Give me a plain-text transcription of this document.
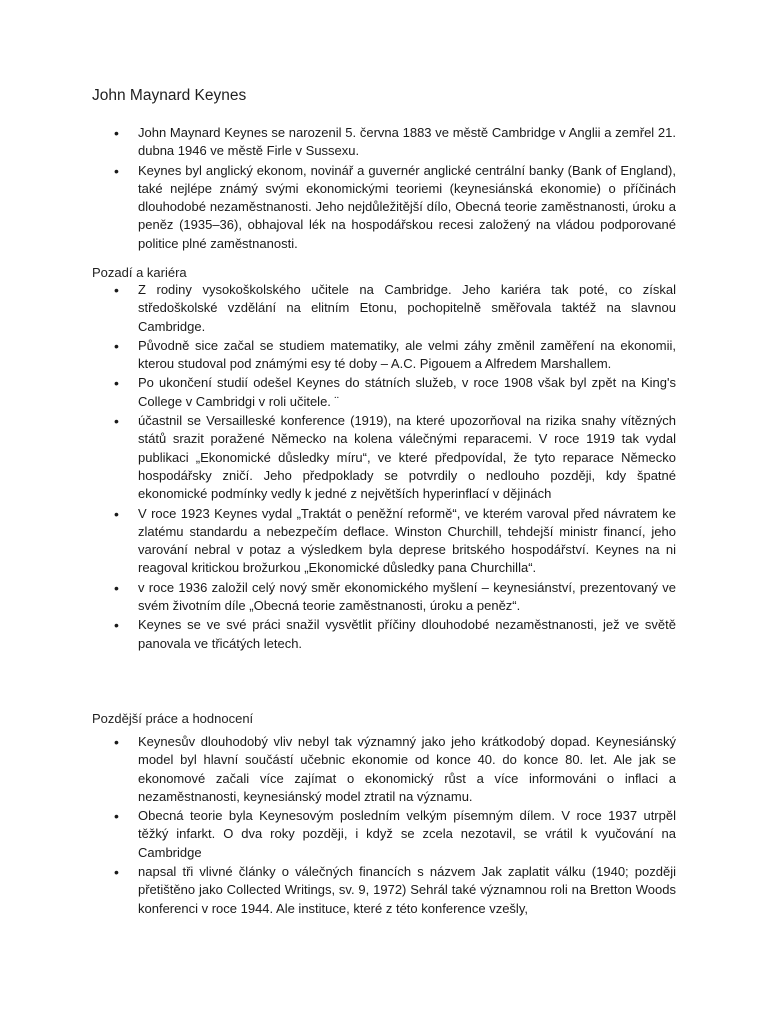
John Maynard Keynes
• John Maynard Keynes se narozenil 5. června 1883 ve městě Cambridge v Anglii a zemřel 21. dubna 1946 ve městě Firle v Sussexu.
• Keynes byl anglický ekonom, novinář a guvernér anglické centrální banky (Bank of England), také nejlépe známý svými ekonomickými teoriemi (keynesiánská ekonomie) o příčinách dlouhodobé nezaměstnanosti. Jeho nejdůležitější dílo, Obecná teorie zaměstnanosti, úroku a peněz (1935–36), obhajoval lék na hospodářskou recesi založený na vládou podporované politice plné zaměstnanosti.
Pozadí a kariéra
• Z rodiny vysokoškolského učitele na Cambridge. Jeho kariéra tak poté, co získal středoškolské vzdělání na elitním Etonu, pochopitelně směřovala taktéž na slavnou Cambridge.
• Původně sice začal se studiem matematiky, ale velmi záhy změnil zaměření na ekonomii, kterou studoval pod známými esy té doby – A.C. Pigouem a Alfredem Marshallem.
• Po ukončení studií odešel Keynes do státních služeb, v roce 1908 však byl zpět na King's College v Cambridgi v roli učitele. ¨
• účastnil se Versailleské konference (1919), na které upozorňoval na rizika snahy vítězných států srazit poražené Německo na kolena válečnými reparacemi. V roce 1919 tak vydal publikaci „Ekonomické důsledky míru“, ve které předpovídal, že tyto reparace Německo hospodářsky zničí. Jeho předpoklady se potvrdily o nedlouho později, kdy špatné ekonomické podmínky vedly k jedné z největších hyperinflací v dějinách
• V roce 1923 Keynes vydal „Traktát o peněžní reformě“, ve kterém varoval před návratem ke zlatému standardu a nebezpečím deflace. Winston Churchill, tehdejší ministr financí, jeho varování nebral v potaz a výsledkem byla deprese britského hospodářství. Keynes na ni reagoval kritickou brožurkou „Ekonomické důsledky pana Churchilla“.
• v roce 1936 založil celý nový směr ekonomického myšlení – keynesiánství, prezentovaný ve svém životním díle „Obecná teorie zaměstnanosti, úroku a peněz“.
• Keynes se ve své práci snažil vysvětlit příčiny dlouhodobé nezaměstnanosti, jež ve světě panovala ve třicátých letech.
Pozdější práce a hodnocení
• Keynesův dlouhodobý vliv nebyl tak významný jako jeho krátkodobý dopad. Keynesiánský model byl hlavní součástí učebnic ekonomie od konce 40. do konce 80. let. Ale jak se ekonomové začali více zajímat o ekonomický růst a více informováni o inflaci a nezaměstnanosti, keynesiánský model ztratil na významu.
• Obecná teorie byla Keynesovým posledním velkým písemným dílem. V roce 1937 utrpěl těžký infarkt. O dva roky později, i když se zcela nezotavil, se vrátil k vyučování na Cambridge
• napsal tři vlivné články o válečných financích s názvem Jak zaplatit válku (1940; později přetištěno jako Collected Writings, sv. 9, 1972) Sehrál také významnou roli na Bretton Woods konferenci v roce 1944. Ale instituce, které z této konference vzešly,
